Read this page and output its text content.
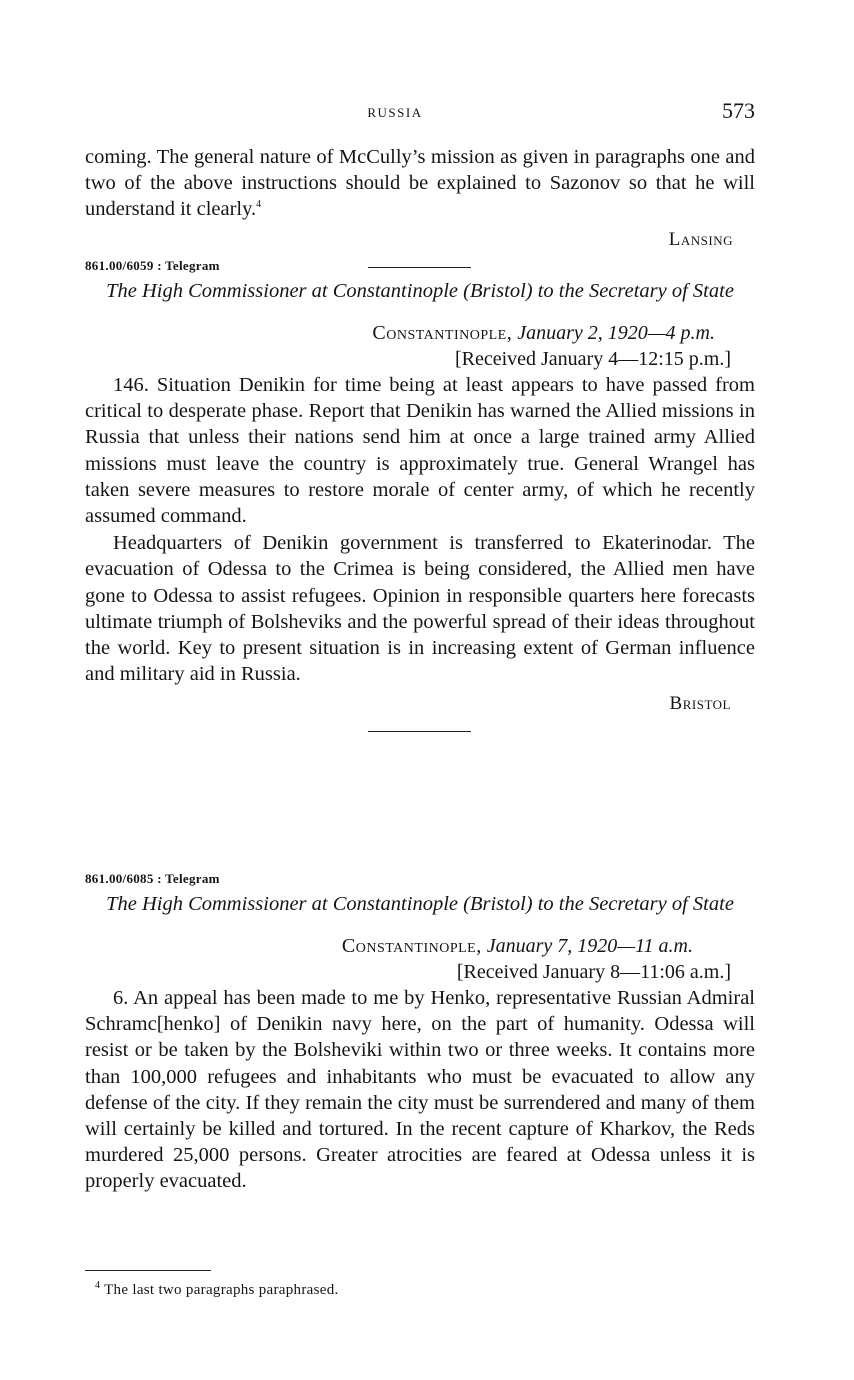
RUSSIA	573

coming. The general nature of McCully’s mission as given in paragraphs one and two of the above instructions should be explained to Sazonov so that he will understand it clearly.$^4$

Lansing
861.00/6059 : Telegram
The High Commissioner at Constantinople (Bristol) to the Secretary of State
Constantinople, January 2, 1920—4 p.m.
[Received January 4—12:15 p.m.]

146. Situation Denikin for time being at least appears to have passed from critical to desperate phase. Report that Denikin has warned the Allied missions in Russia that unless their nations send him at once a large trained army Allied missions must leave the country is approximately true. General Wrangel has taken severe measures to restore morale of center army, of which he recently assumed command.

Headquarters of Denikin government is transferred to Ekaterinodar. The evacuation of Odessa to the Crimea is being considered, the Allied men have gone to Odessa to assist refugees. Opinion in responsible quarters here forecasts ultimate triumph of Bolsheviks and the powerful spread of their ideas throughout the world. Key to present situation is in increasing extent of German influence and military aid in Russia.

Bristol
861.00/6085 : Telegram
The High Commissioner at Constantinople (Bristol) to the Secretary of State
Constantinople, January 7, 1920—11 a.m.
[Received January 8—11:06 a.m.]

6. An appeal has been made to me by Henko, representative Russian Admiral Schramc[henko] of Denikin navy here, on the part of humanity. Odessa will resist or be taken by the Bolsheviki within two or three weeks. It contains more than 100,000 refugees and inhabitants who must be evacuated to allow any defense of the city. If they remain the city must be surrendered and many of them will certainly be killed and tortured. In the recent capture of Kharkov, the Reds murdered 25,000 persons. Greater atrocities are feared at Odessa unless it is properly evacuated.

$^4$ The last two paragraphs paraphrased.
